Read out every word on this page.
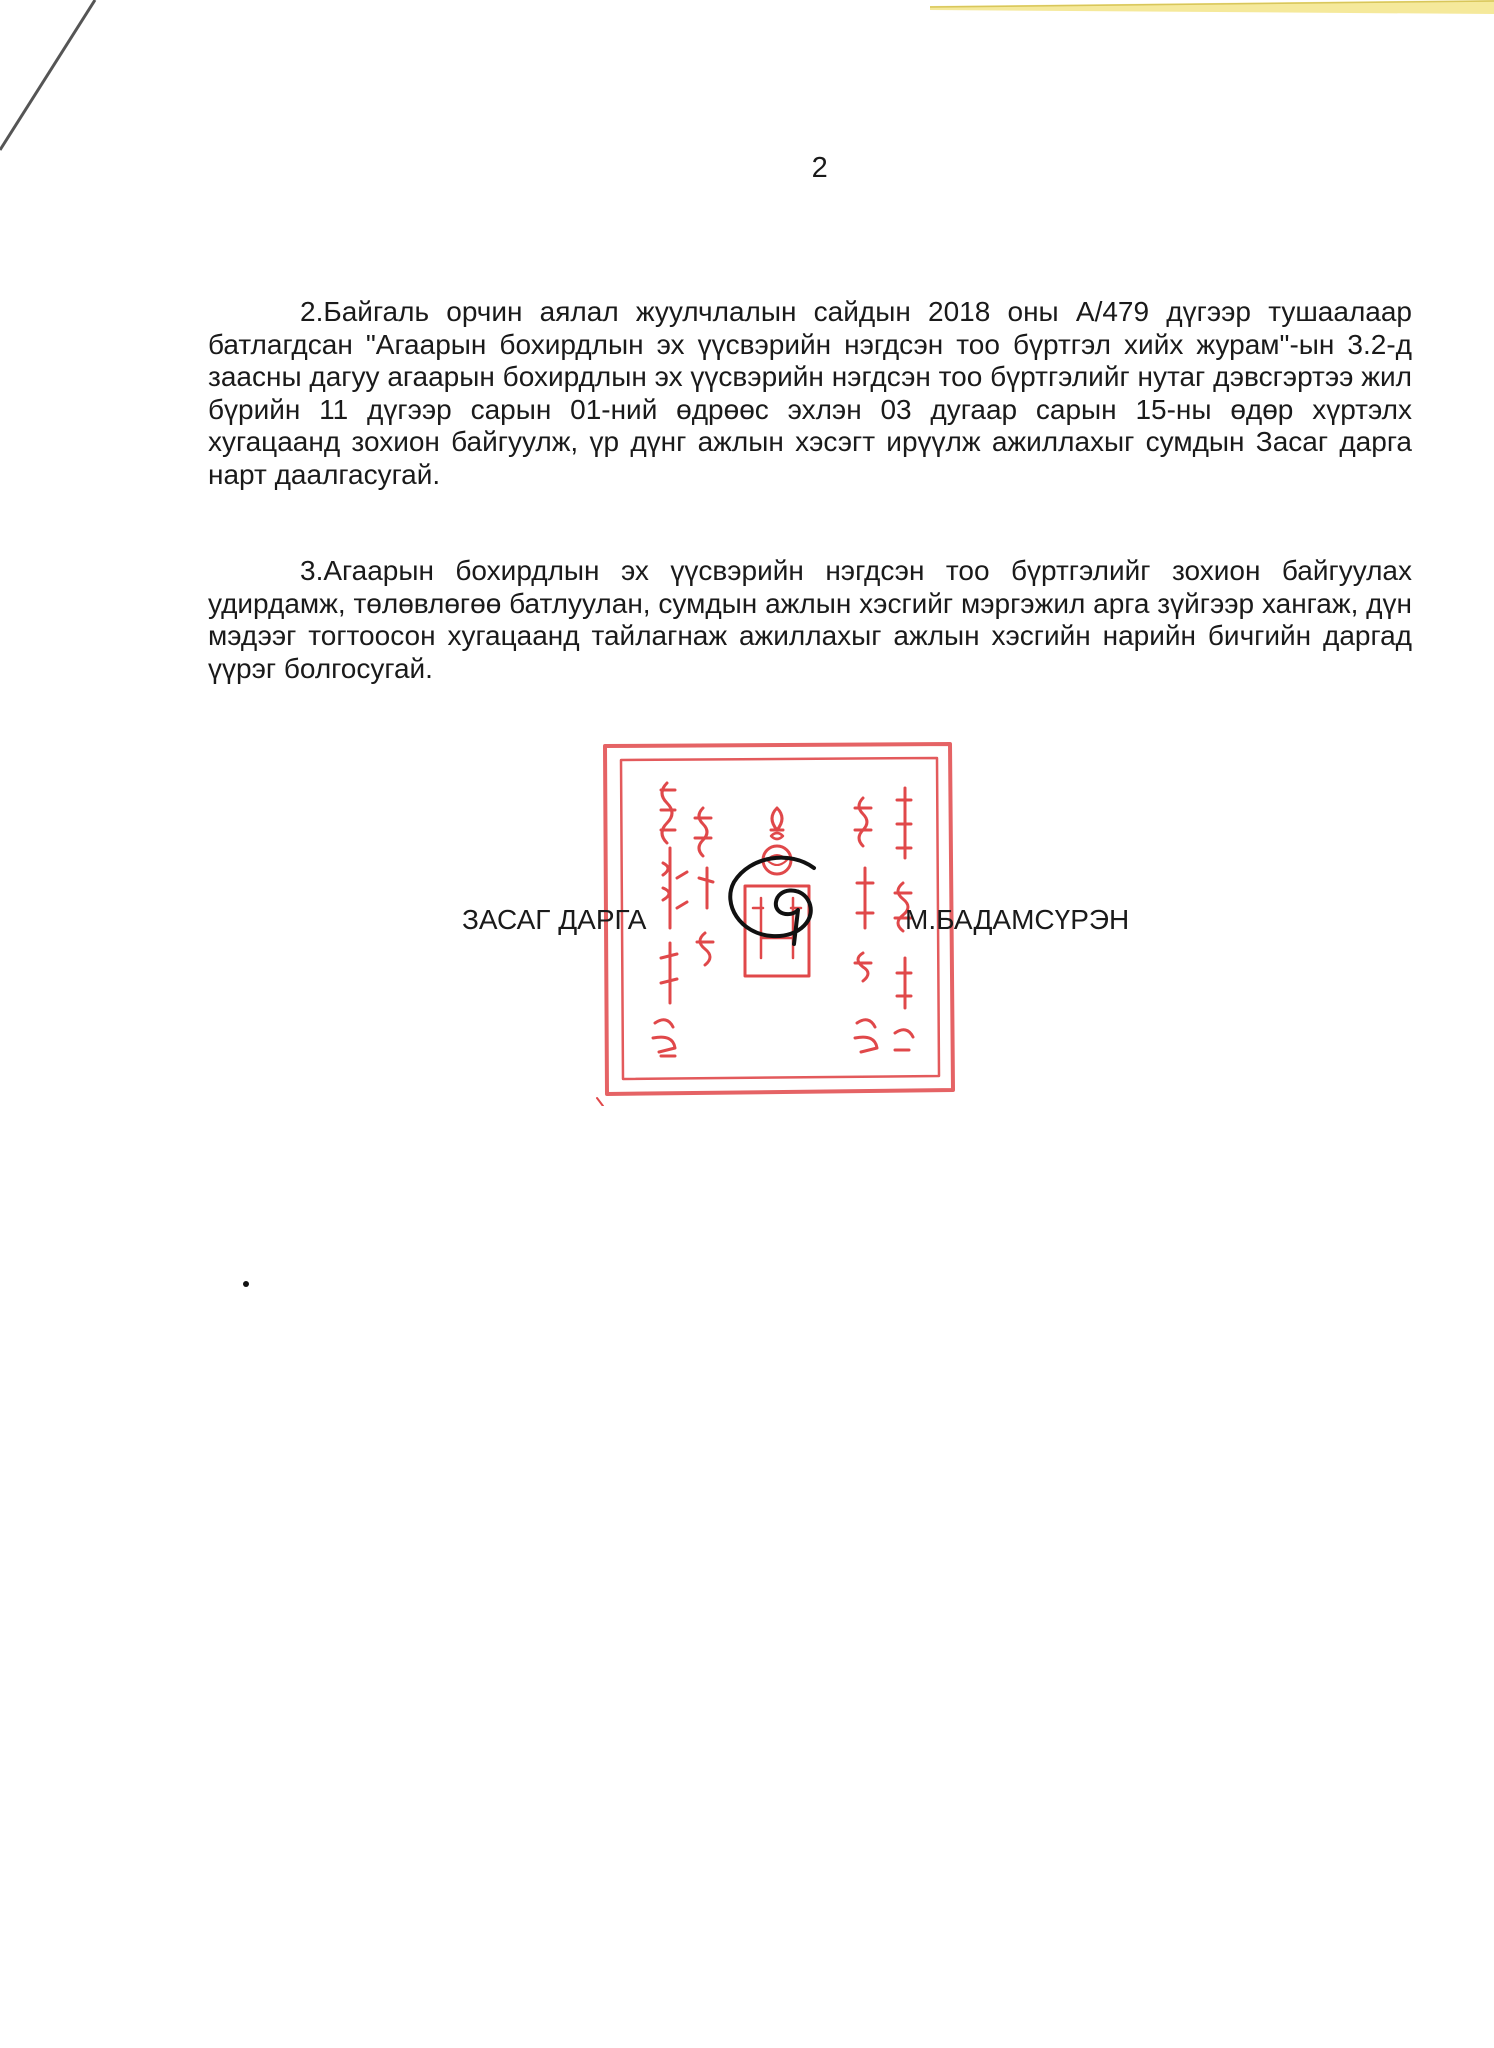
2

2.Байгаль орчин аялал жуулчлалын сайдын 2018 оны А/479 дүгээр тушаалаар батлагдсан "Агаарын бохирдлын эх үүсвэрийн нэгдсэн тоо бүртгэл хийх журам"-ын 3.2-д заасны дагуу агаарын бохирдлын эх үүсвэрийн нэгдсэн тоо бүртгэлийг нутаг дэвсгэртээ жил бүрийн 11 дүгээр сарын 01-ний өдрөөс эхлэн 03 дугаар сарын 15-ны өдөр хүртэлх хугацаанд зохион байгуулж, үр дүнг ажлын хэсэгт ирүүлж ажиллахыг сумдын Засаг дарга нарт даалгасугай.

3.Агаарын бохирдлын эх үүсвэрийн нэгдсэн тоо бүртгэлийг зохион байгуулах удирдамж, төлөвлөгөө батлуулан, сумдын ажлын хэсгийг мэргэжил арга зүйгээр хангаж, дүн мэдээг тогтоосон хугацаанд тайлагнаж ажиллахыг ажлын хэсгийн нарийн бичгийн даргад үүрэг болгосугай.

ЗАСАГ ДАРГА	М.БАДАМСҮРЭН
